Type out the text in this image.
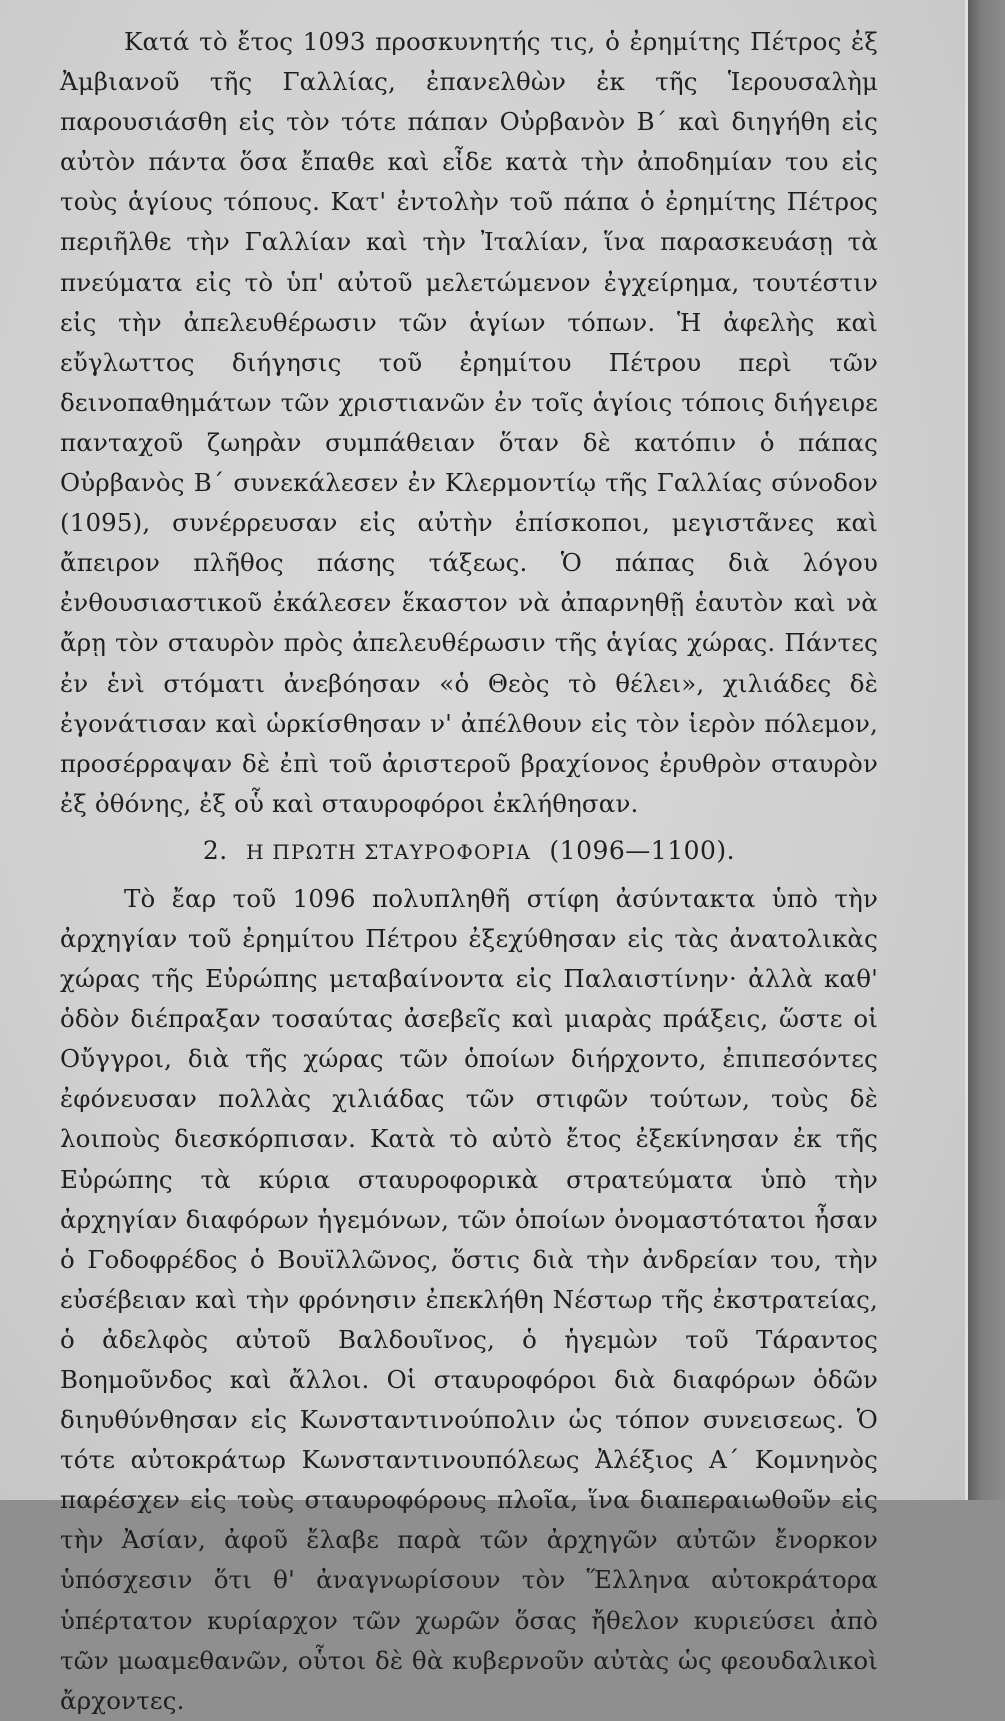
Κατά τὸ ἔτος 1093 προσκυνητής τις, ὁ ἐρημίτης Πέτρος ἐξ Ἀμβιανοῦ τῆς Γαλλίας, ἐπανελθὼν ἐκ τῆς Ἱερουσαλὴμ παρουσιάσθη εἰς τὸν τότε πάπαν Οὐρβανὸν Β΄ καὶ διηγήθη εἰς αὐτὸν πάντα ὅσα ἔπαθε καὶ εἶδε κατὰ τὴν ἀποδημίαν του εἰς τοὺς ἁγίους τόπους. Κατ' ἐντολὴν τοῦ πάπα ὁ ἐρημίτης Πέτρος περιῆλθε τὴν Γαλλίαν καὶ τὴν Ἰταλίαν, ἵνα παρασκευάσῃ τὰ πνεύματα εἰς τὸ ὑπ' αὐτοῦ μελετώμενον ἐγχείρημα, τουτέστιν εἰς τὴν ἀπελευθέρωσιν τῶν ἁγίων τόπων. Ἡ ἀφελὴς καὶ εὔγλωττος διήγησις τοῦ ἐρημίτου Πέτρου περὶ τῶν δεινοπαθημάτων τῶν χριστιανῶν ἐν τοῖς ἁγίοις τόποις διήγειρε πανταχοῦ ζωηρὰν συμπάθειαν ὅταν δὲ κατόπιν ὁ πάπας Οὐρβανὸς Β΄ συνεκάλεσεν ἐν Κλερμοντίῳ τῆς Γαλλίας σύνοδον (1095), συνέρρευσαν εἰς αὐτὴν ἐπίσκοποι, μεγιστᾶνες καὶ ἄπειρον πλῆθος πάσης τάξεως. Ὁ πάπας διὰ λόγου ἐνθουσιαστικοῦ ἐκάλεσεν ἕκαστον νὰ ἀπαρνηθῇ ἑαυτὸν καὶ νὰ ἄρῃ τὸν σταυρὸν πρὸς ἀπελευθέρωσιν τῆς ἁγίας χώρας. Πάντες ἐν ἑνὶ στόματι ἀνεβόησαν «ὁ Θεὸς τὸ θέλει», χιλιάδες δὲ ἐγονάτισαν καὶ ὡρκίσθησαν ν' ἀπέλθουν εἰς τὸν ἱερὸν πόλεμον, προσέρραψαν δὲ ἐπὶ τοῦ ἀριστεροῦ βραχίονος ἐρυθρὸν σταυρὸν ἐξ ὀθόνης, ἐξ οὗ καὶ σταυροφόροι ἐκλήθησαν.

2. Η ΠΡΩΤΗ ΣΤΑΥΡΟΦΟΡΙΑ (1096—1100).

Τὸ ἔαρ τοῦ 1096 πολυπληθῆ στίφη ἀσύντακτα ὑπὸ τὴν ἀρχηγίαν τοῦ ἐρημίτου Πέτρου ἐξεχύθησαν εἰς τὰς ἀνατολικὰς χώρας τῆς Εὐρώπης μεταβαίνοντα εἰς Παλαιστίνην· ἀλλὰ καθ' ὁδὸν διέπραξαν τοσαύτας ἀσεβεῖς καὶ μιαρὰς πράξεις, ὥστε οἱ Οὔγγροι, διὰ τῆς χώρας τῶν ὁποίων διήρχοντο, ἐπιπεσόντες ἐφόνευσαν πολλὰς χιλιάδας τῶν στιφῶν τούτων, τοὺς δὲ λοιποὺς διεσκόρπισαν. Κατὰ τὸ αὐτὸ ἔτος ἐξεκίνησαν ἐκ τῆς Εὐρώπης τὰ κύρια σταυροφορικὰ στρατεύματα ὑπὸ τὴν ἀρχηγίαν διαφόρων ἡγεμόνων, τῶν ὁποίων ὀνομαστότατοι ἦσαν ὁ Γοδοφρέδος ὁ Βουϊλλῶνος, ὅστις διὰ τὴν ἀνδρείαν του, τὴν εὐσέβειαν καὶ τὴν φρόνησιν ἐπεκλήθη Νέστωρ τῆς ἐκστρατείας, ὁ ἀδελφὸς αὐτοῦ Βαλδουῖνος, ὁ ἡγεμὼν τοῦ Τάραντος Βοημοῦνδος καὶ ἄλλοι. Οἱ σταυροφόροι διὰ διαφόρων ὁδῶν διηυθύνθησαν εἰς Κωνσταντινούπολιν ὡς τόπον συνεισεως. Ὁ τότε αὐτοκράτωρ Κωνσταντινουπόλεως Ἀλέξιος Α΄ Κομνηνὸς παρέσχεν εἰς τοὺς σταυροφόρους πλοῖα, ἵνα διαπεραιωθοῦν εἰς τὴν Ἀσίαν, ἀφοῦ ἔλαβε παρὰ τῶν ἀρχηγῶν αὐτῶν ἔνορκον ὑπόσχεσιν ὅτι θ' ἀναγνωρίσουν τὸν Ἕλληνα αὐτοκράτορα ὑπέρτατον κυρίαρχον τῶν χωρῶν ὅσας ἤθελον κυριεύσει ἀπὸ τῶν μωαμεθανῶν, οὗτοι δὲ θὰ κυβερνοῦν αὐτὰς ὡς φεουδαλικοὶ ἄρχοντες.
